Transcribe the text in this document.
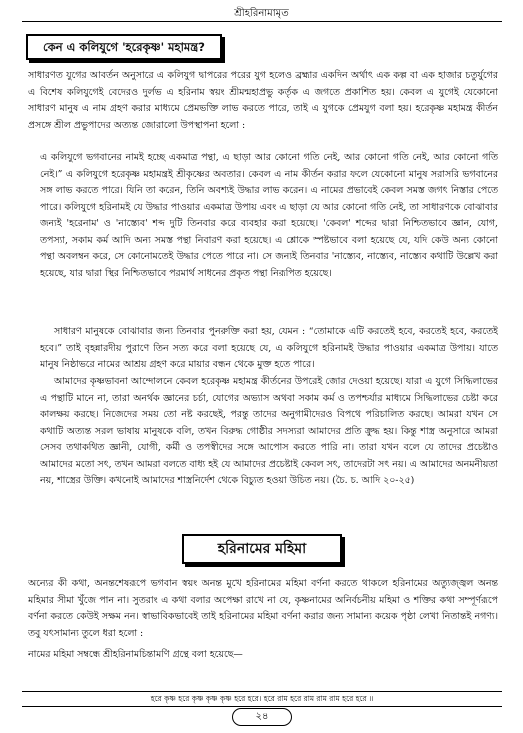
শ্রীহরিনামামৃত
কেন এ কলিযুগে 'হরেকৃষ্ণ' মহামন্ত্র?

সাধারণত যুগের আবর্তন অনুসারে এ কলিযুগ দ্বাপরের পরের যুগ হলেও ব্রহ্মার একদিন অর্থাৎ এক কল্প বা এক হাজার চতুর্যুগের এ বিশেষ কলিযুগেই বেদেরও দুর্লভ এ হরিনাম স্বয়ং শ্রীমন্মহাপ্রভু কর্তৃক এ জগতে প্রকাশিত হয়। কেবল এ যুগেই যেকোনো সাধারণ মানুষ এ নাম গ্রহণ করার মাধ্যমে প্রেমভক্তি লাভ করতে পারে, তাই এ যুগকে প্রেমযুগ বলা হয়। হরেকৃষ্ণ মহামন্ত্র কীর্তন প্রসঙ্গে শ্রীল প্রভুপাদের অত্যন্ত জোরালো উপস্থাপনা হলো :

এ কলিযুগে ভগবানের নামই হচ্ছে একমাত্র পন্থা, এ ছাড়া আর কোনো গতি নেই, আর কোনো গতি নেই, আর কোনো গতি নেই।” এ কলিযুগে হরেকৃষ্ণ মহামন্ত্রই শ্রীকৃষ্ণের অবতার। কেবল এ নাম কীর্তন করার ফলে যেকোনো মানুষ সরাসরি ভগবানের সঙ্গ লাভ করতে পারে। যিনি তা করেন, তিনি অবশ্যই উদ্ধার লাভ করেন। এ নামের প্রভাবেই কেবল সমস্ত জগৎ নিস্তার পেতে পারে। কলিযুগে হরিনামই যে উদ্ধার পাওয়ার একমাত্র উপায় এবং এ ছাড়া যে আর কোনো গতি নেই, তা সাধারণকে বোঝাবার জন্যই 'হরেনাম' ও 'নাস্ত্যেব' শব্দ দুটি তিনবার করে ব্যবহার করা হয়েছে। 'কেবল' শব্দের দ্বারা নিশ্চিতভাবে জ্ঞান, যোগ, তপস্যা, সকাম কর্ম আদি অন্য সমস্ত পন্থা নিবারণ করা হয়েছে। এ শ্লোকে স্পষ্টভাবে বলা হয়েছে যে, যদি কেউ অন্য কোনো পন্থা অবলম্বন করে, সে কোনোমতেই উদ্ধার পেতে পারে না। সে জন্যই তিনবার 'নাস্ত্যেব, নাস্ত্যেব, নাস্ত্যেব কথাটি উল্লেখ করা হয়েছে, যার দ্বারা স্থির নিশ্চিতভাবে পরমার্থ সাধনের প্রকৃত পন্থা নিরূপিত হয়েছে।

সাধারণ মানুষকে বোঝাবার জন্য তিনবার পুনরুক্তি করা হয়, যেমন : “তোমাকে এটি করতেই হবে, করতেই হবে, করতেই হবে।” তাই বৃহন্নারদীয় পুরাণে তিন সত্য করে বলা হয়েছে যে, এ কলিযুগে হরিনামই উদ্ধার পাওয়ার একমাত্র উপায়। যাতে মানুষ নিষ্ঠাভরে নামের আশ্রয় গ্রহণ করে মায়ার বন্ধন থেকে মুক্ত হতে পারে।

আমাদের কৃষ্ণভাবনা আন্দোলনে কেবল হরেকৃষ্ণ মহামন্ত্র কীর্তনের উপরেই জোর দেওয়া হয়েছে। যারা এ যুগে সিদ্ধিলাভের এ পন্থাটি মানে না, তারা অনর্থক জ্ঞানের চর্চা, যোগের অভ্যাস অথবা সকাম কর্ম ও তপশ্চর্যার মাধ্যমে সিদ্ধিলাভের চেষ্টা করে কালক্ষয় করছে। নিজেদের সময় তো নষ্ট করছেই, পরন্তু তাদের অনুগামীদেরও বিপথে পরিচালিত করছে। আমরা যখন সে কথাটি অত্যন্ত সরল ভাষায় মানুষকে বলি, তখন বিরুদ্ধ গোষ্ঠীর সদস্যরা আমাদের প্রতি ক্রুদ্ধ হয়। কিন্তু শাস্ত্র অনুসারে আমরা সেসব তথাকথিত জ্ঞানী, যোগী, কর্মী ও তপস্বীদের সঙ্গে আপোস করতে পারি না। তারা যখন বলে যে তাদের প্রচেষ্টাও আমাদের মতো সৎ, তখন আমরা বলতে বাধ্য হই যে আমাদের প্রচেষ্টাই কেবল সৎ, তাদেরটা সৎ নয়। এ আমাদের অনমনীয়তা নয়, শাস্ত্রের উক্তি। কখনোই আমাদের শাস্ত্রনির্দেশ থেকে বিচ্যুত হওয়া উচিত নয়। (চৈ. চ. আদি ২০-২৫)

হরিনামের মহিমা

অন্যের কী কথা, অনন্তশেষরূপে ভগবান স্বয়ং অনন্ত মুখে হরিনামের মহিমা বর্ণনা করতে থাকলে হরিনামের অত্যুজ্জ্বল অনন্ত মহিমার সীমা খুঁজে পান না। সুতরাং এ কথা বলার অপেক্ষা রাখে না যে, কৃষ্ণনামের অনির্বচনীয় মহিমা ও শক্তির কথা সম্পূর্ণরূপে বর্ণনা করতে কেউই সক্ষম নন। স্বাভাবিকভাবেই তাই হরিনামের মহিমা বর্ণনা করার জন্য সামান্য কয়েক পৃষ্ঠা লেখা নিতান্তই নগণ্য। তবু যৎসামান্য তুলে ধরা হলো :

নামের মহিমা সম্বন্ধে শ্রীহরিনামচিন্তামণি গ্রন্থে বলা হয়েছে—

হরে কৃষ্ণ হরে কৃষ্ণ কৃষ্ণ কৃষ্ণ হরে হরে। হরে রাম হরে রাম রাম রাম হরে হরে ॥
২৪
